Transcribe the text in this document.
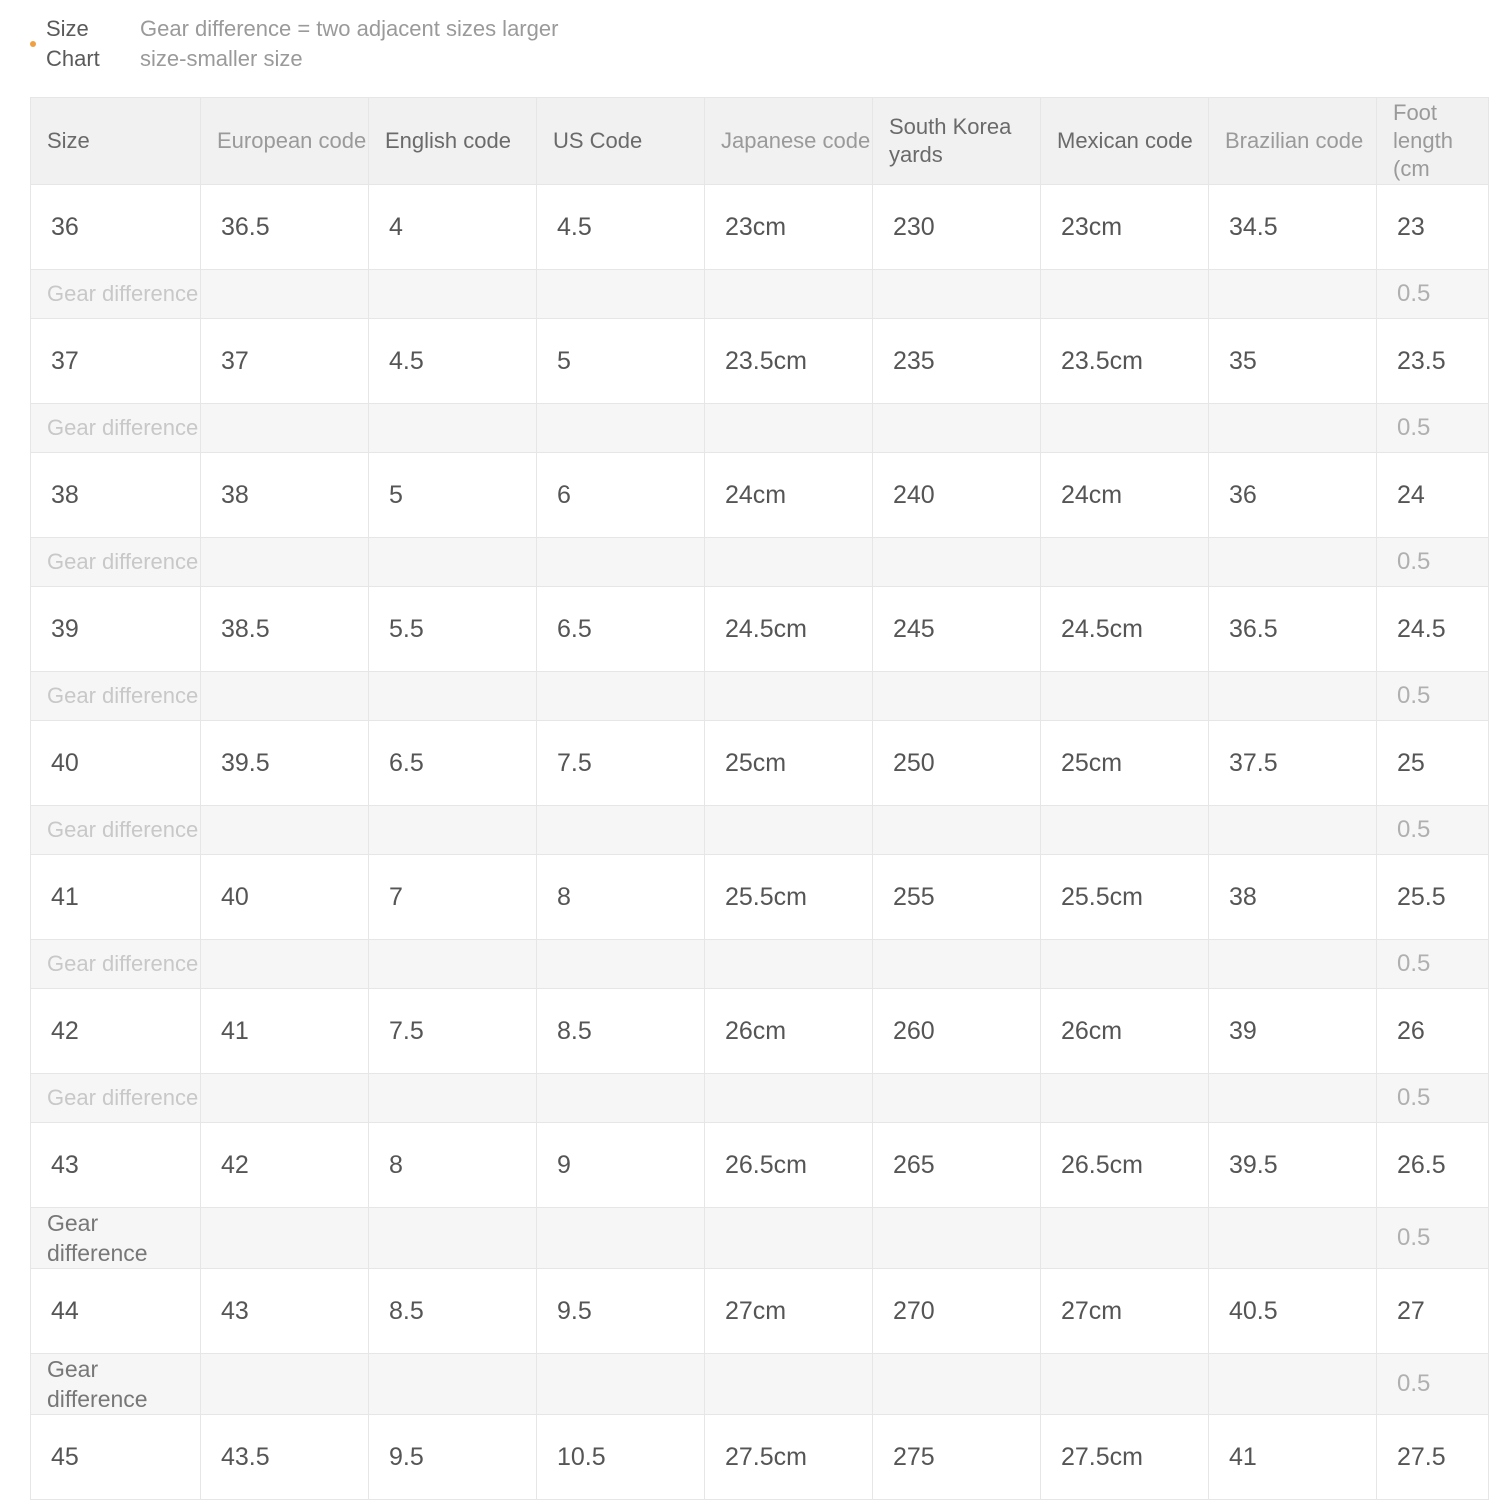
Size
Chart
Gear difference = two adjacent sizes larger size-smaller size
Size	European code	English code	US Code	Japanese code	South Korea yards	Mexican code	Brazilian code	Foot length (cm
36	36.5	4	4.5	23cm	230	23cm	34.5	23
Gear difference								0.5
37	37	4.5	5	23.5cm	235	23.5cm	35	23.5
Gear difference								0.5
38	38	5	6	24cm	240	24cm	36	24
Gear difference								0.5
39	38.5	5.5	6.5	24.5cm	245	24.5cm	36.5	24.5
Gear difference								0.5
40	39.5	6.5	7.5	25cm	250	25cm	37.5	25
Gear difference								0.5
41	40	7	8	25.5cm	255	25.5cm	38	25.5
Gear difference								0.5
42	41	7.5	8.5	26cm	260	26cm	39	26
Gear difference								0.5
43	42	8	9	26.5cm	265	26.5cm	39.5	26.5
Gear difference								0.5
44	43	8.5	9.5	27cm	270	27cm	40.5	27
Gear difference								0.5
45	43.5	9.5	10.5	27.5cm	275	27.5cm	41	27.5
